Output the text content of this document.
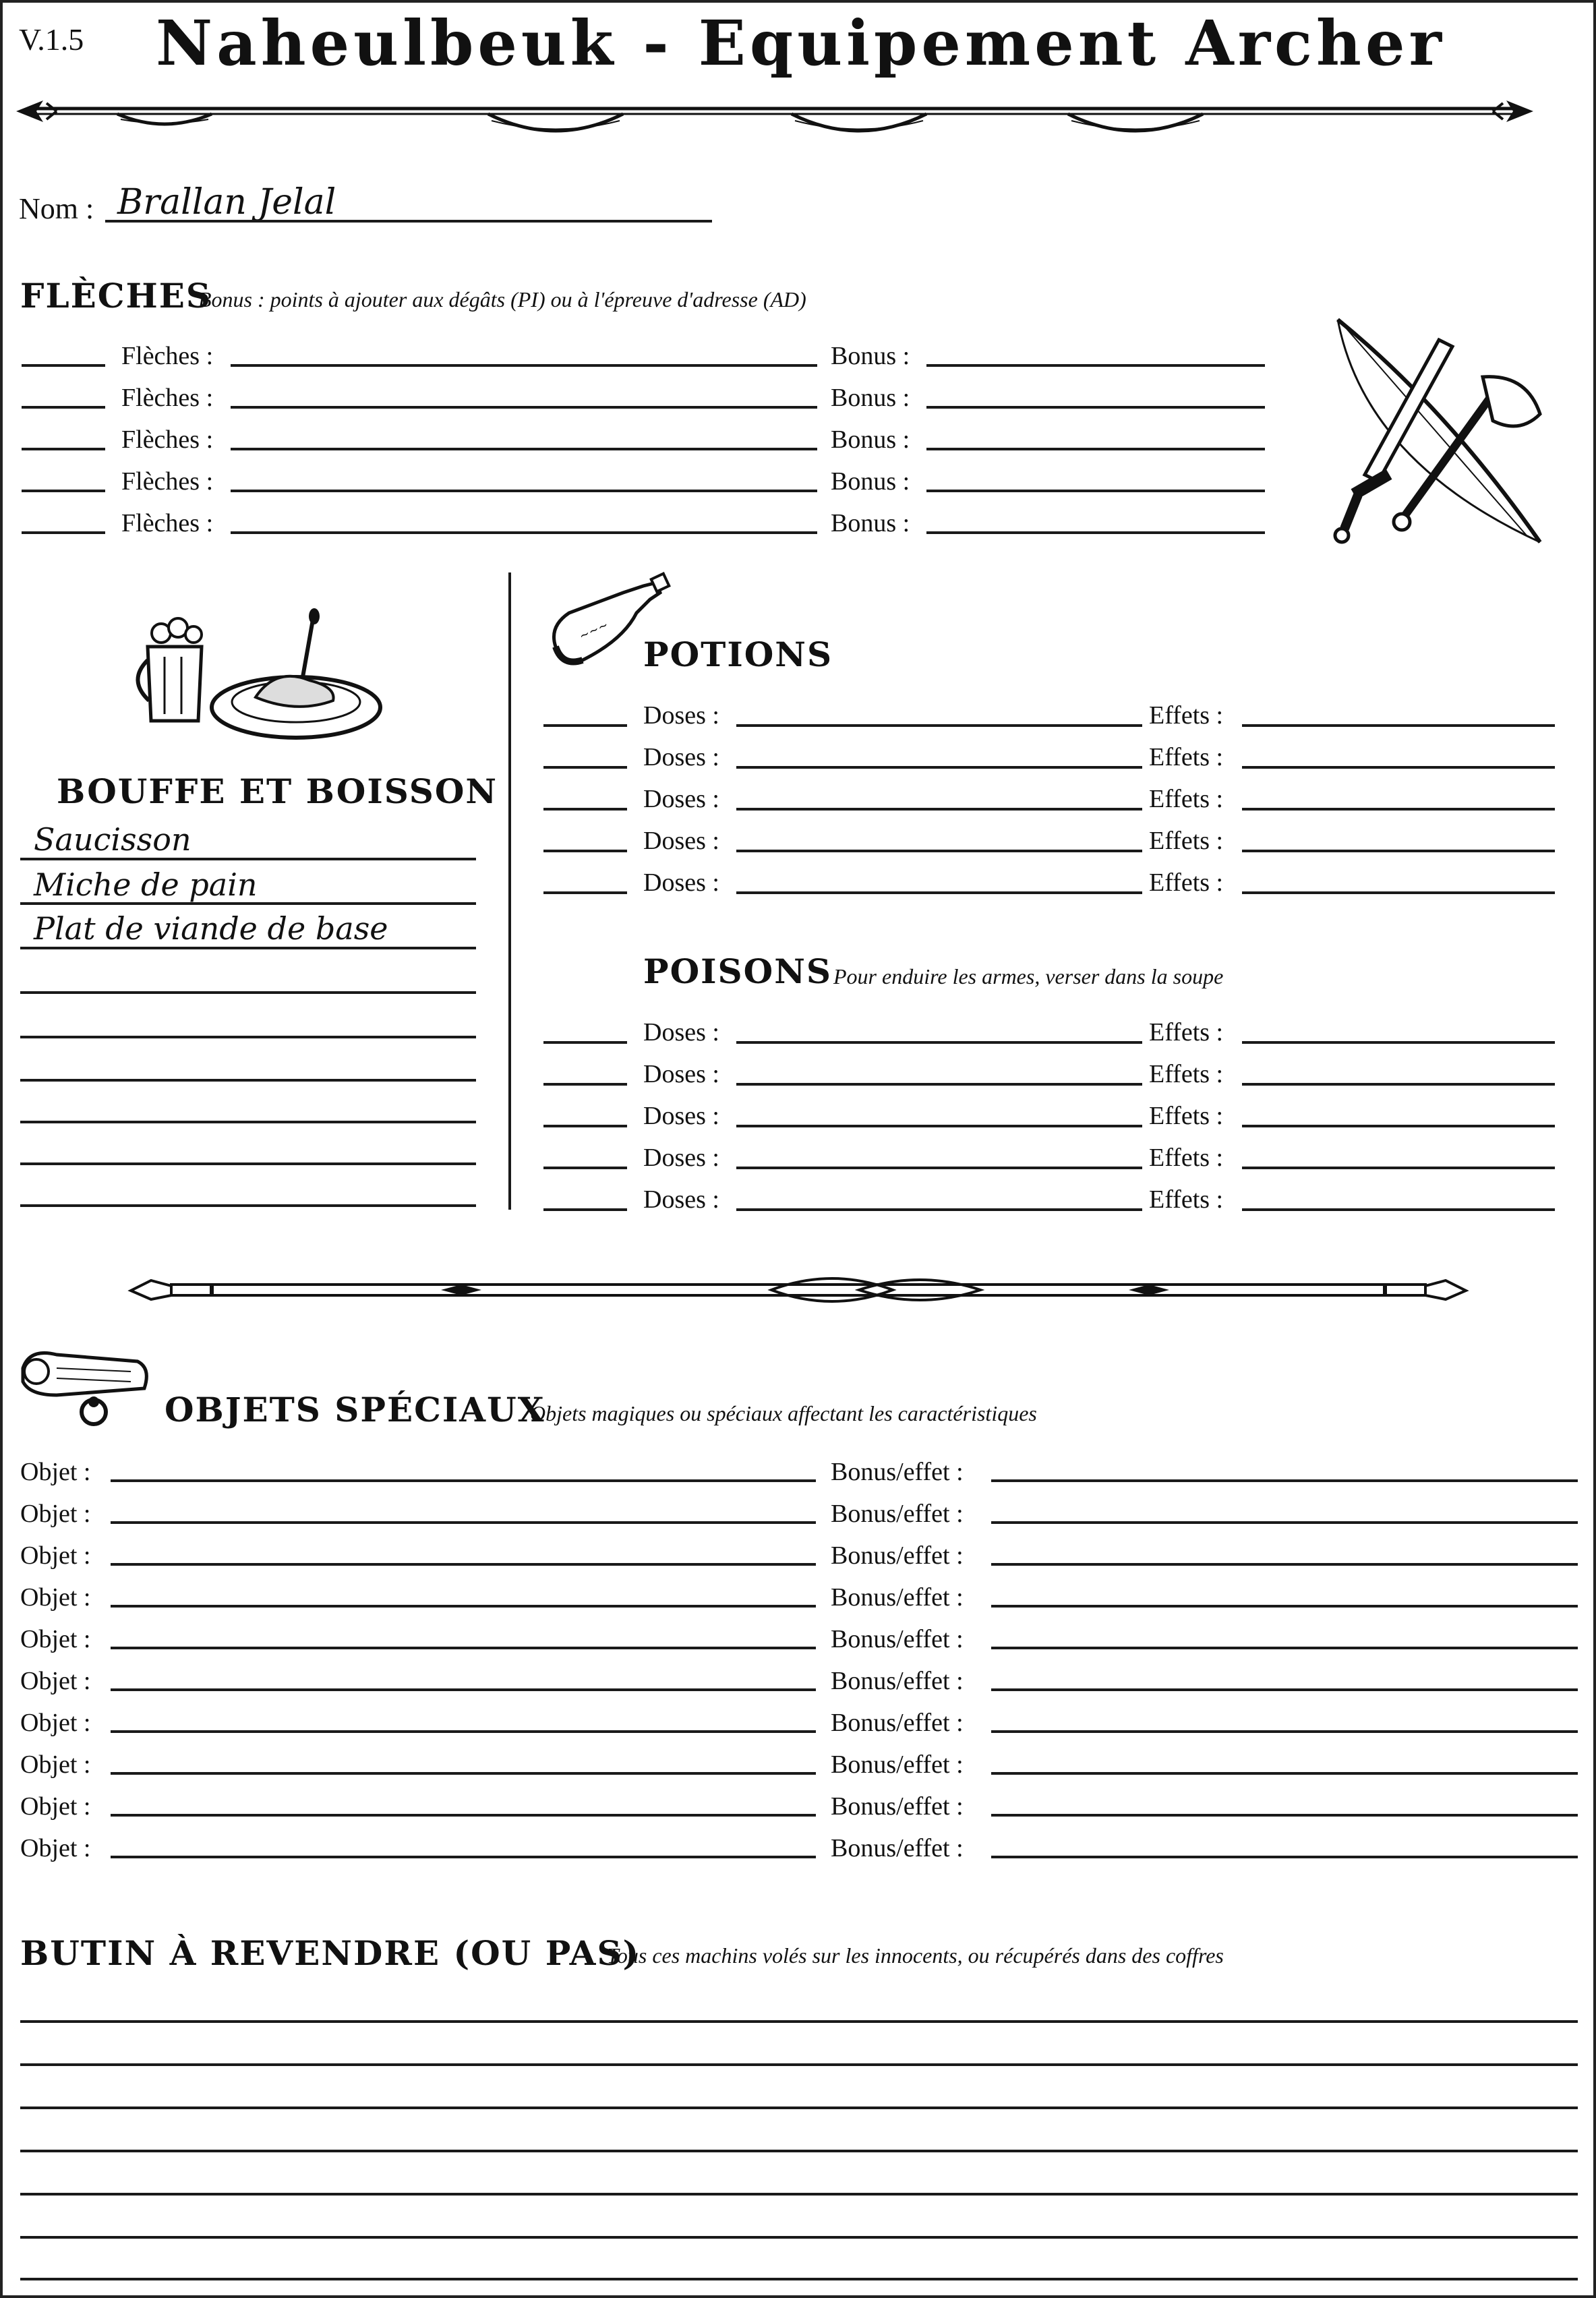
V.1.5	Naheulbeuk - Equipement Archer
Nom : Brallan Jelal
FLÈCHES
Bonus : points à ajouter aux dégâts (PI) ou à l'épreuve d'adresse (AD)
Flèches :	Bonus :
Flèches :	Bonus :
Flèches :	Bonus :
Flèches :	Bonus :
Flèches :	Bonus :
BOUFFE ET BOISSON
Saucisson
Miche de pain
Plat de viande de base
~~~
POTIONS
Doses :	Effets :
Doses :	Effets :
Doses :	Effets :
Doses :	Effets :
Doses :	Effets :
POISONS Pour enduire les armes, verser dans la soupe
Doses :	Effets :
Doses :	Effets :
Doses :	Effets :
Doses :	Effets :
Doses :	Effets :
OBJETS SPÉCIAUX
Objets magiques ou spéciaux affectant les caractéristiques
Objet :	Bonus/effet :
Objet :	Bonus/effet :
Objet :	Bonus/effet :
Objet :	Bonus/effet :
Objet :	Bonus/effet :
Objet :	Bonus/effet :
Objet :	Bonus/effet :
Objet :	Bonus/effet :
Objet :	Bonus/effet :
Objet :	Bonus/effet :
BUTIN À REVENDRE (OU PAS)
Tous ces machins volés sur les innocents, ou récupérés dans des coffres
